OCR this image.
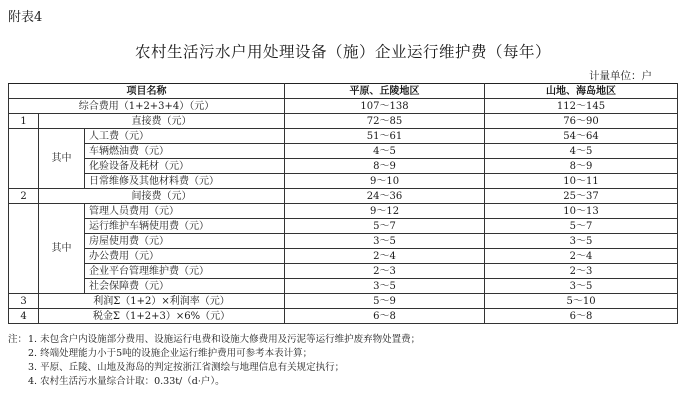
附表4
农村生活污水户用处理设备（施）企业运行维护费（每年）
计量单位：户
项目名称			平原、丘陵地区	山地、海岛地区
综合费用（1+2+3+4）（元）			107～138	112～145
1	直接费（元）		72～85	76～90
	其中	人工费（元）	51～61	54～64
		车辆燃油费（元）	4～5	4～5
		化验设备及耗材（元）	8～9	8～9
		日常维修及其他材料费（元）	9～10	10～11
2	间接费（元）		24～36	25～37
	其中	管理人员费用（元）	9～12	10～13
		运行维护车辆使用费（元）	5～7	5～7
		房屋使用费（元）	3～5	3～5
		办公费用（元）	2～4	2～4
		企业平台管理维护费（元）	2～3	2～3
		社会保障费（元）	3～5	3～5
3	利润Σ（1+2）×利润率（元）		5～9	5～10
4	税金Σ（1+2+3）×6%（元）		6～8	6～8
注：1. 未包含户内设施部分费用、设施运行电费和设施大修费用及污泥等运行维护废弃物处置费；
2. 终端处理能力小于5吨的设施企业运行维护费用可参考本表计算；
3. 平原、丘陵、山地及海岛的判定按浙江省测绘与地理信息有关规定执行；
4. 农村生活污水量综合计取：0.33t/（d·户）。
